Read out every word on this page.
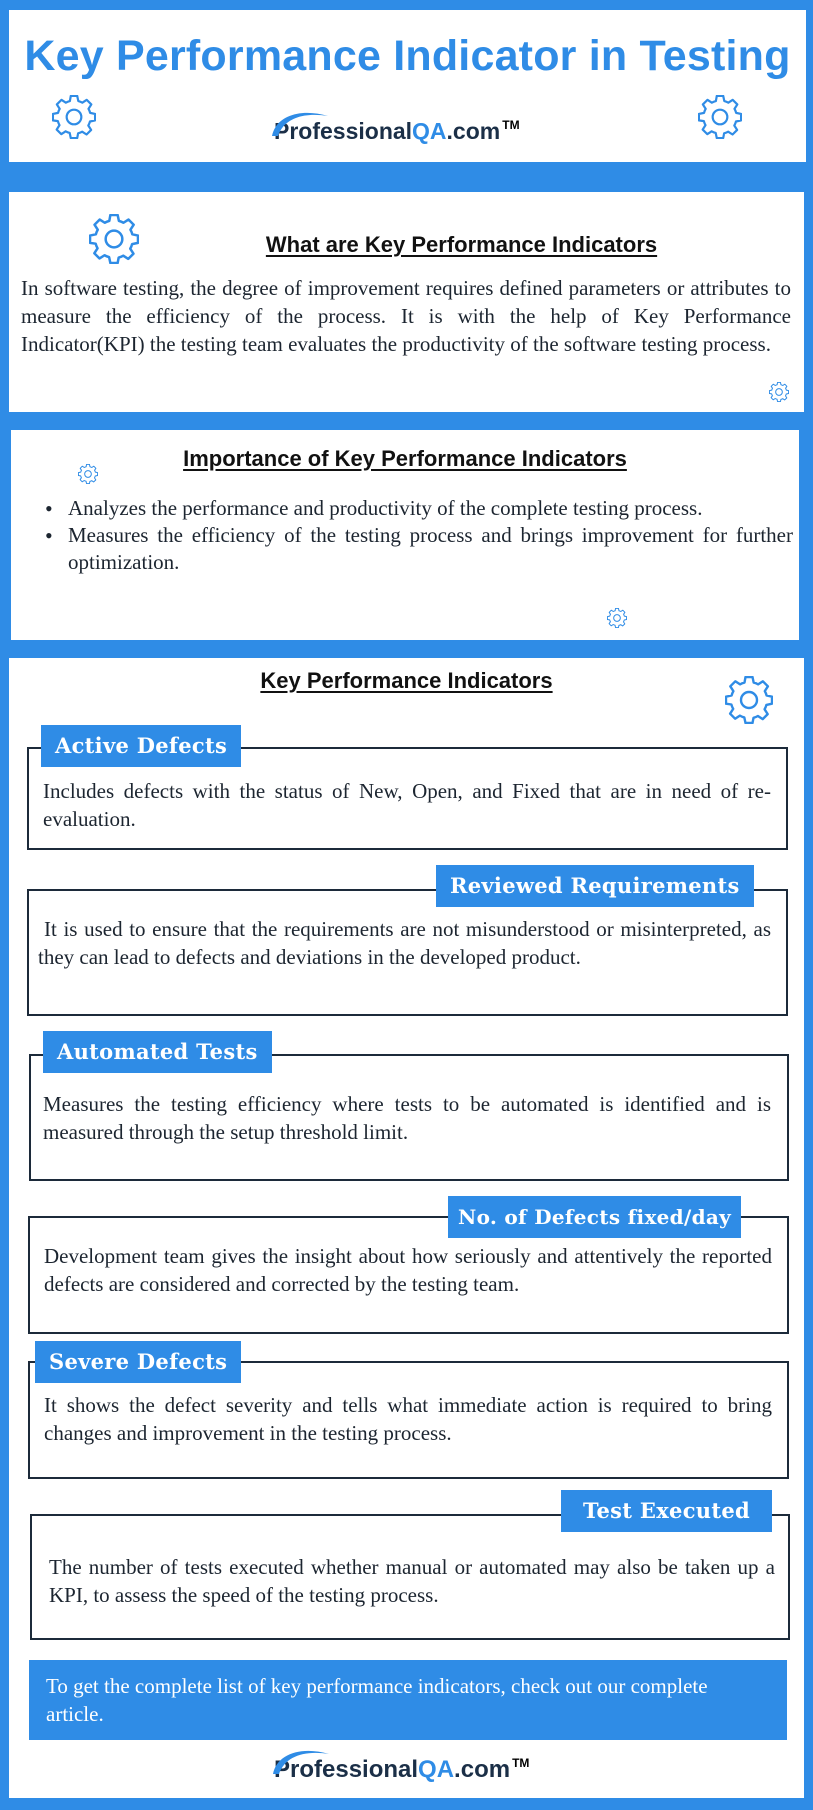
Key Performance Indicator in Testing
Professional QA .com TM
What are Key Performance Indicators
In software testing, the degree of improvement requires defined parameters or attributes to measure the efficiency of the process. It is with the help of Key Performance Indicator(KPI) the testing team evaluates the productivity of the software testing process.
Importance of Key Performance Indicators
• Analyzes the performance and productivity of the complete testing process.
• Measures the efficiency of the testing process and brings improvement for further optimization.
Key Performance Indicators
Includes defects with the status of New, Open, and Fixed that are in need of re-evaluation.
Active Defects
It is used to ensure that the requirements are not misunderstood or misinterpreted, as they can lead to defects and deviations in the developed product.
Reviewed Requirements
Measures the testing efficiency where tests to be automated is identified and is measured through the setup threshold limit.
Automated Tests
Development team gives the insight about how seriously and attentively the reported defects are considered and corrected by the testing team.
No. of Defects fixed/day
It shows the defect severity and tells what immediate action is required to bring changes and improvement in the testing process.
Severe Defects
The number of tests executed whether manual or automated may also be taken up a KPI, to assess the speed of the testing process.
Test Executed
To get the complete list of key performance indicators, check out our complete article.
Professional QA .com TM
